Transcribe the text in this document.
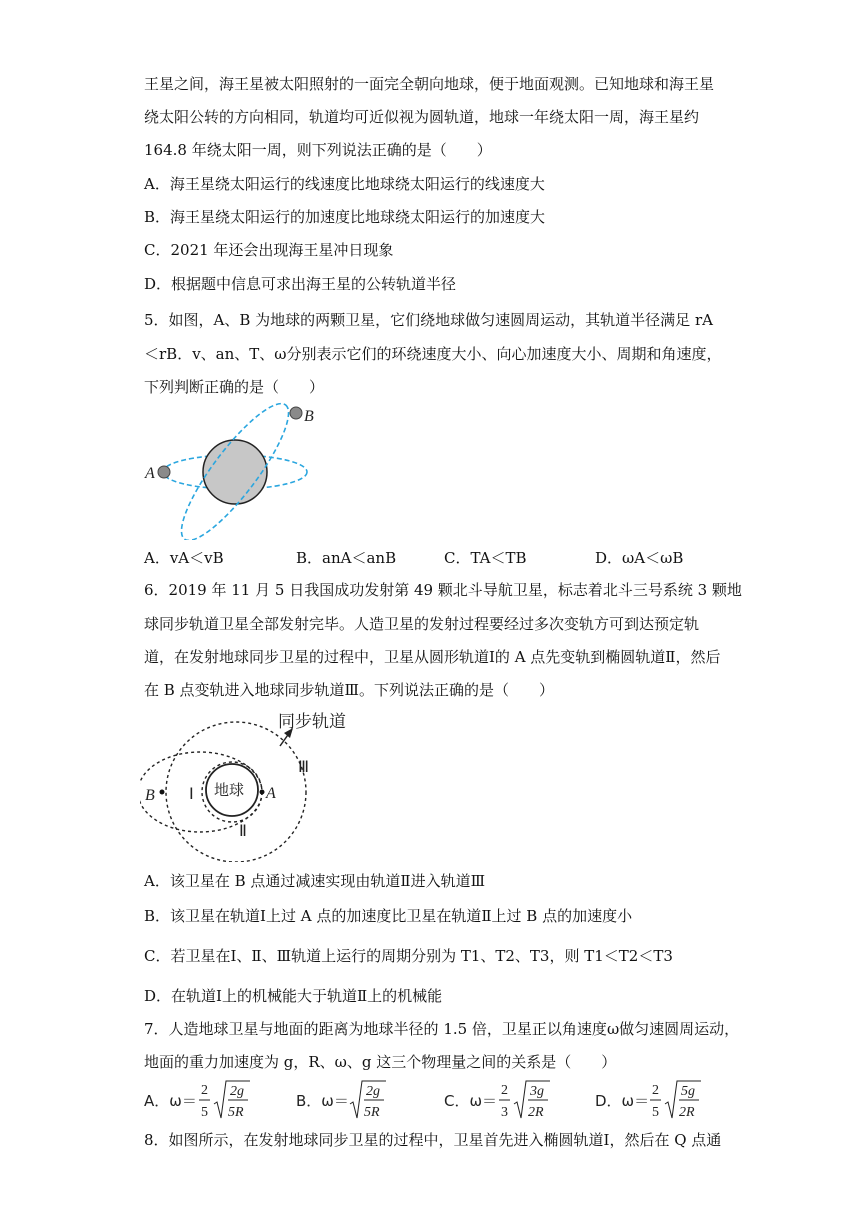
王星之间，海王星被太阳照射的一面完全朝向地球，便于地面观测。已知地球和海王星
绕太阳公转的方向相同，轨道均可近似视为圆轨道，地球一年绕太阳一周，海王星约
164.8 年绕太阳一周，则下列说法正确的是（　　）
A．海王星绕太阳运行的线速度比地球绕太阳运行的线速度大
B．海王星绕太阳运行的加速度比地球绕太阳运行的加速度大
C．2021 年还会出现海王星冲日现象
D．根据题中信息可求出海王星的公转轨道半径
5．如图，A、B 为地球的两颗卫星，它们绕地球做匀速圆周运动，其轨道半径满足 rA
＜rB．v、an、T、ω分别表示它们的环绕速度大小、向心加速度大小、周期和角速度，
下列判断正确的是（　　）
A
B
A．vA＜vB	B．anA＜anB	C．TA＜TB	D．ωA＜ωB
6．2019 年 11 月 5 日我国成功发射第 49 颗北斗导航卫星，标志着北斗三号系统 3 颗地
球同步轨道卫星全部发射完毕。人造卫星的发射过程要经过多次变轨方可到达预定轨
道，在发射地球同步卫星的过程中，卫星从圆形轨道Ⅰ的 A 点先变轨到椭圆轨道Ⅱ，然后
在 B 点变轨进入地球同步轨道Ⅲ。下列说法正确的是（　　）
地球 A
B Ⅰ
Ⅱ
Ⅲ
同步轨道
A．该卫星在 B 点通过减速实现由轨道Ⅱ进入轨道Ⅲ
B．该卫星在轨道Ⅰ上过 A 点的加速度比卫星在轨道Ⅱ上过 B 点的加速度小
C．若卫星在Ⅰ、Ⅱ、Ⅲ轨道上运行的周期分别为 T1、T2、T3，则 T1＜T2＜T3
D．在轨道Ⅰ上的机械能大于轨道Ⅱ上的机械能
7．人造地球卫星与地面的距离为地球半径的 1.5 倍，卫星正以角速度ω做匀速圆周运动，
地面的重力加速度为 g，R、ω、g 这三个物理量之间的关系是（　　）
A．ω＝
2
5
2g
5R
B．ω＝
2g
5R
C．ω＝
2
3
3g
2R
D．ω＝
2
5
5g
2R
8．如图所示，在发射地球同步卫星的过程中，卫星首先进入椭圆轨道Ⅰ，然后在 Q 点通
